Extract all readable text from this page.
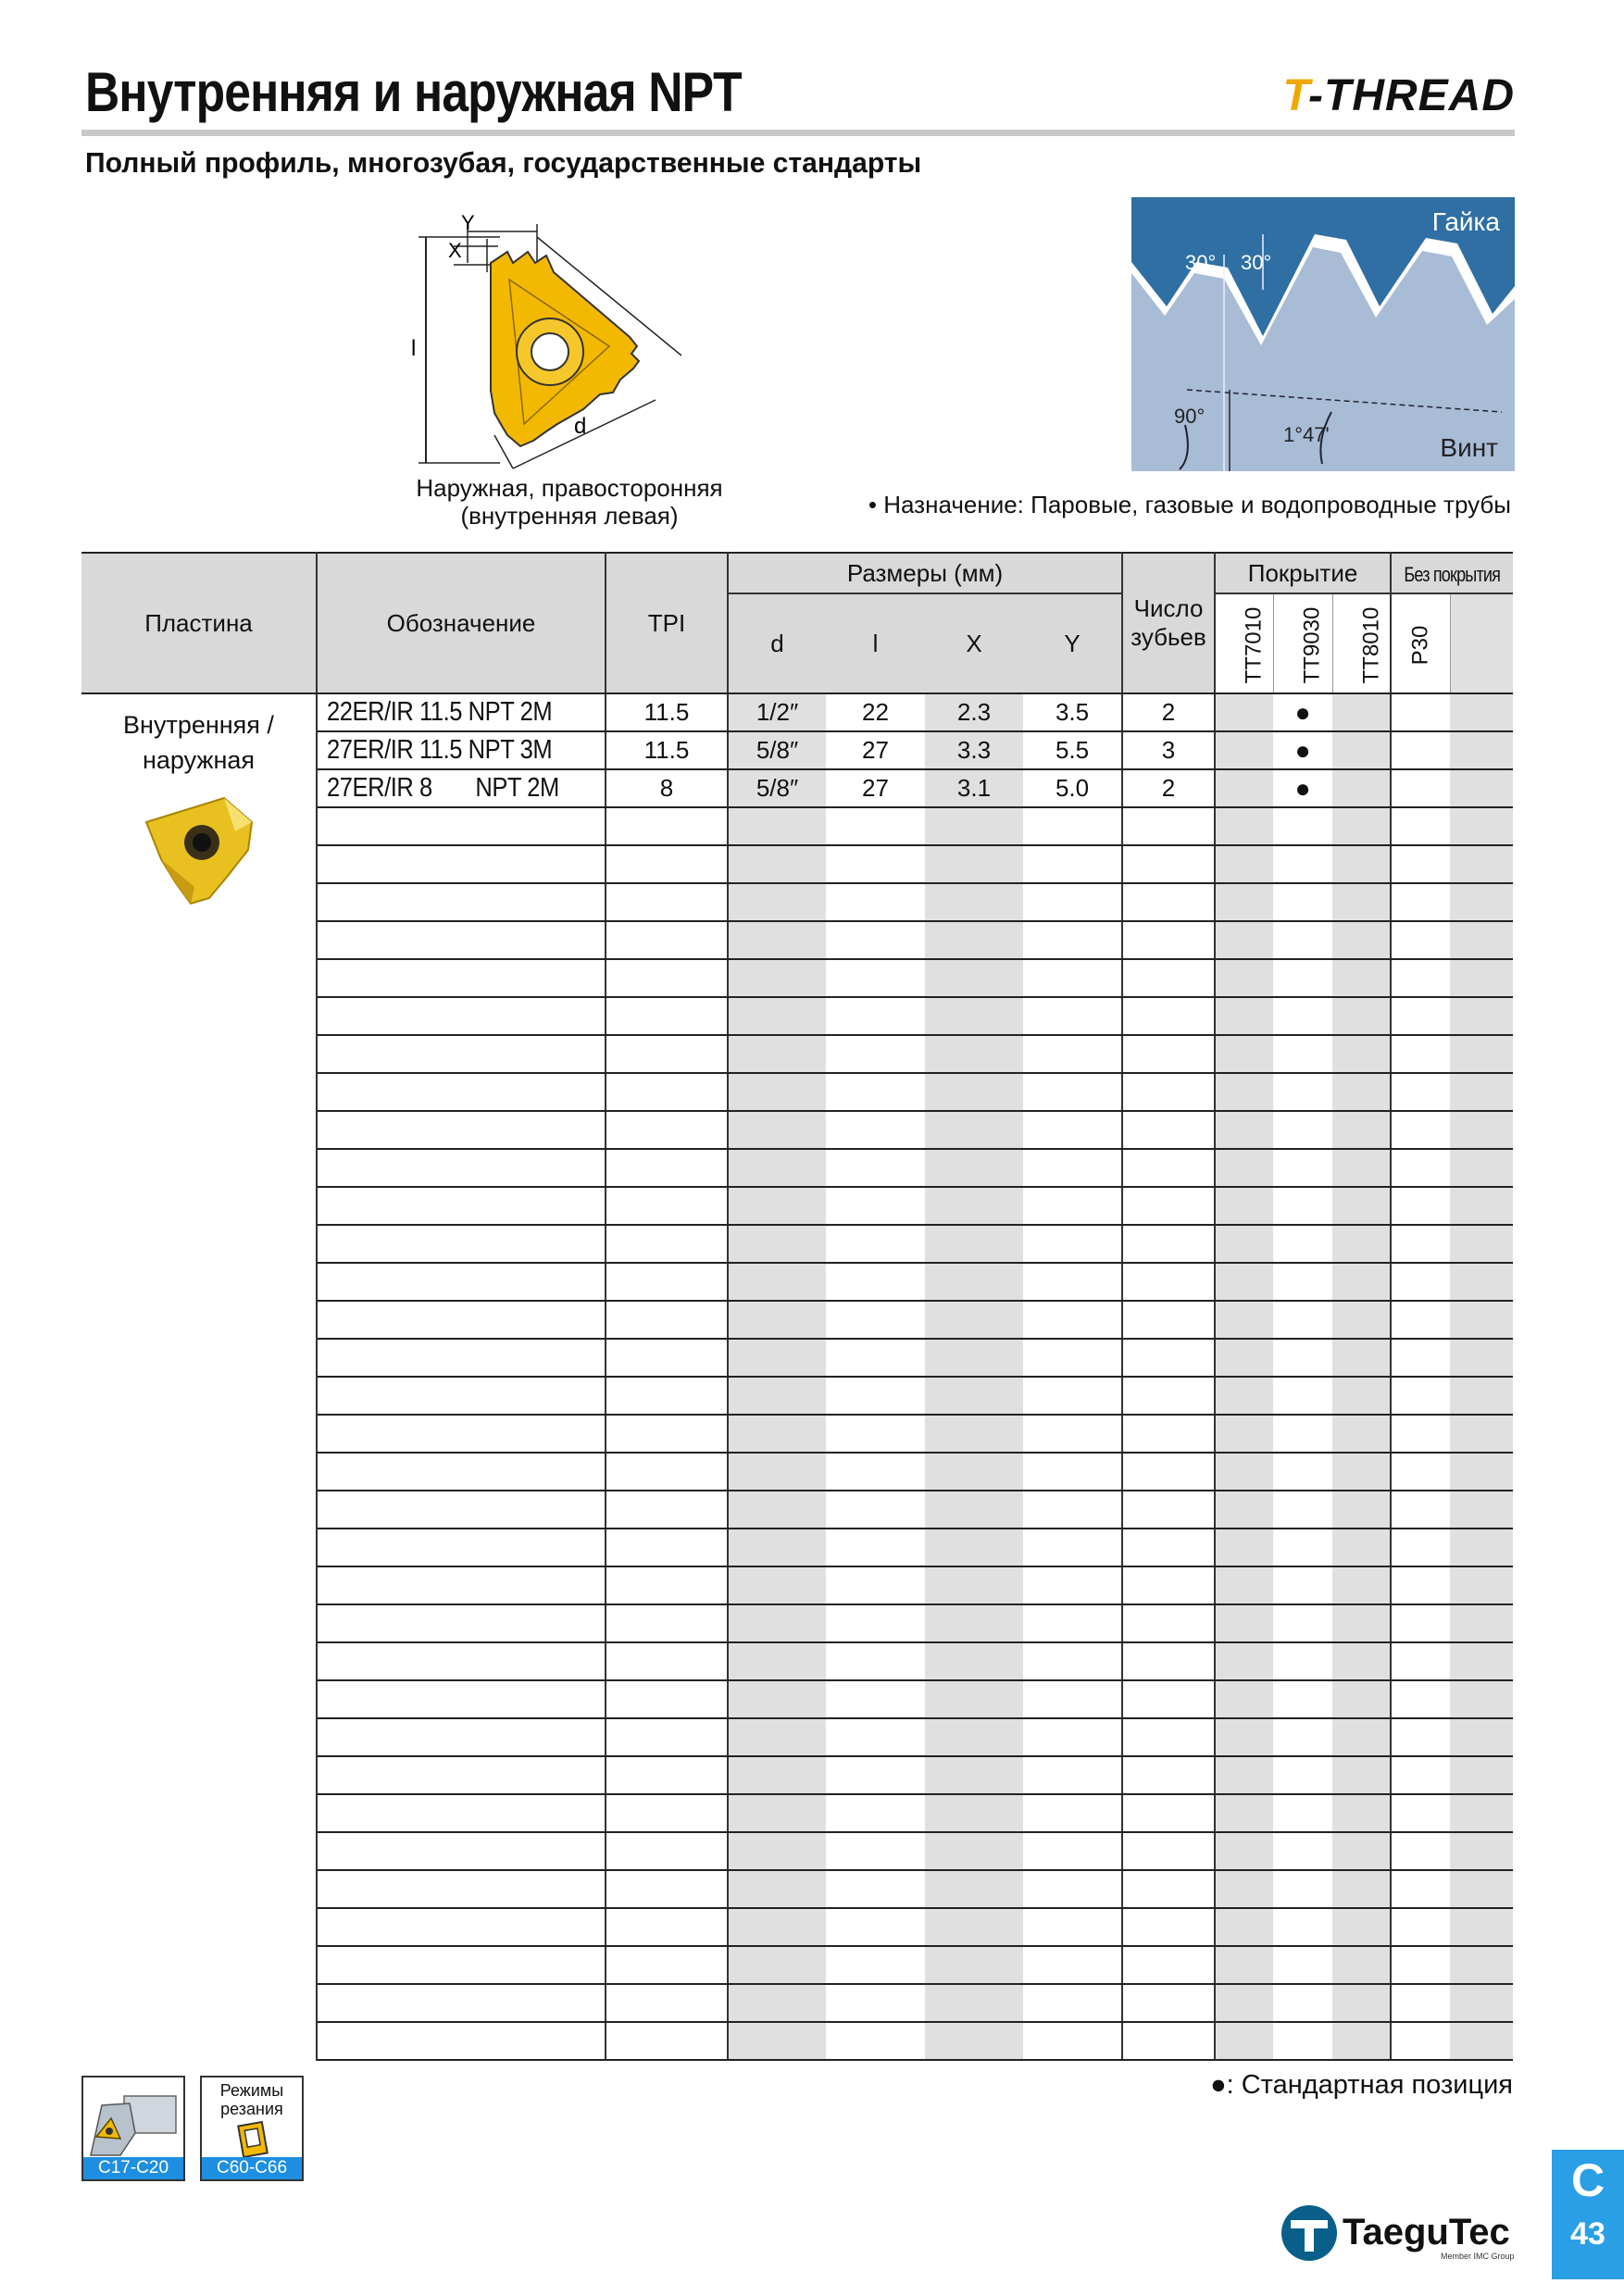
Внутренняя и наружная NPT	T-THREAD
Полный профиль, многозубая, государственные стандарты
Y
X
l
d
Наружная, правосторонняя
(внутренняя левая)
Гайка
Винт
30° 30°
90°
1°47'
• Назначение: Паровые, газовые и водопроводные трубы
Пластина	Обозначение	TPI	Размеры (мм)				Число
зубьев	Покрытие			Без покрытия	
			d	l	X	Y		TT7010	TT9030	TT8010	P30	

Внутренняя /
наружная	22ER/IR 11.5 NPT 2M	11.5	1/2″	22	2.3	3.5	2		●			
	27ER/IR 11.5 NPT 3M	11.5	5/8″	27	3.3	5.5	3		●			
	27ER/IR 8       NPT 2M	8	5/8″	27	3.1	5.0	2		●			

●: Стандартная позиция
C17-C20
Режимы
резания
C60-C66
TaeguTec
Member IMC Group
C
43
